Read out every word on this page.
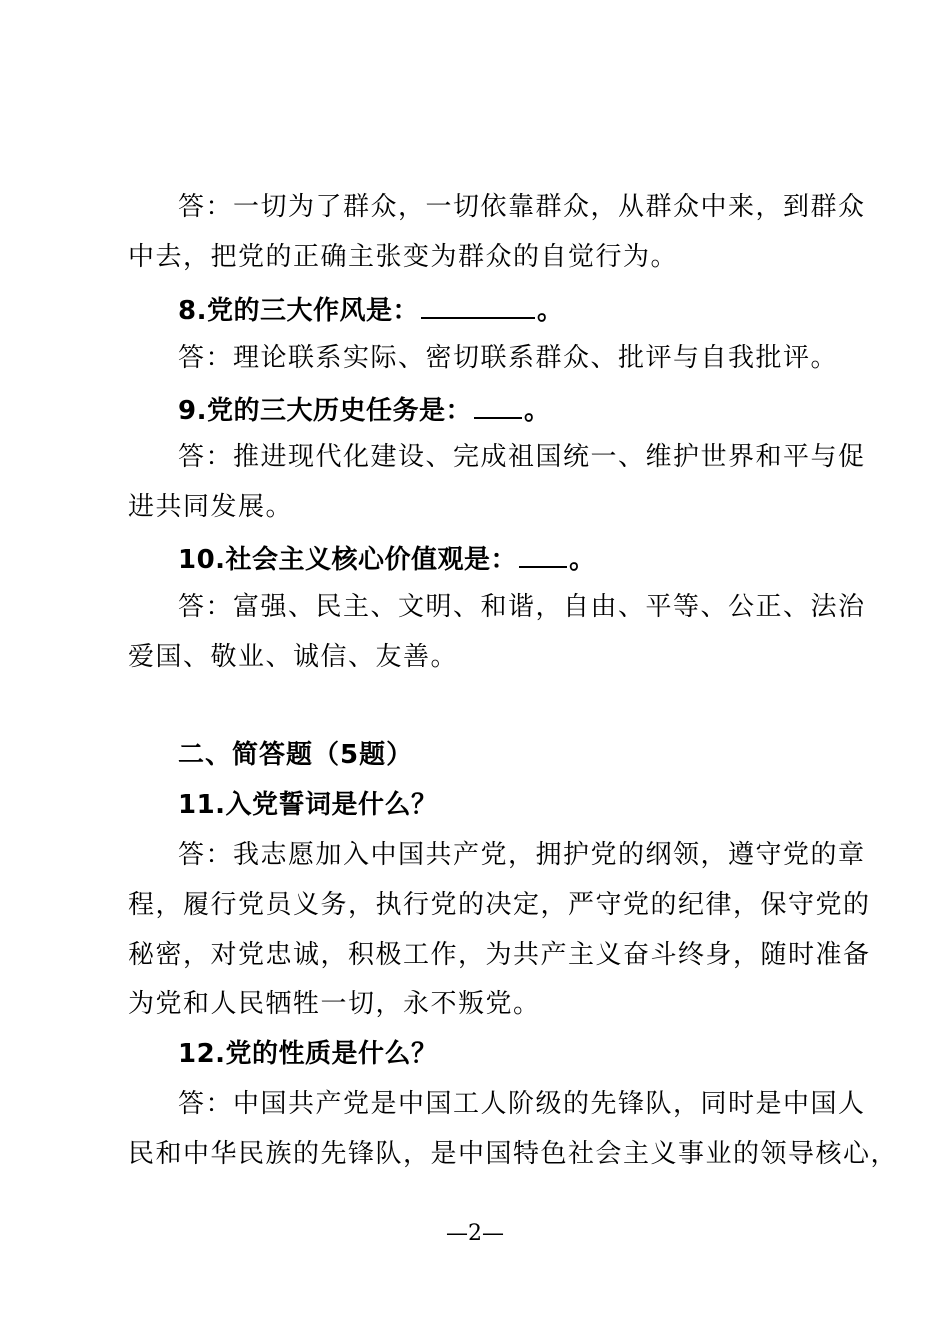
答：一切为了群众，一切依靠群众，从群众中来，到群众
中去，把党的正确主张变为群众的自觉行为。
8.党的三大作风是：	。
答：理论联系实际、密切联系群众、批评与自我批评。
9.党的三大历史任务是： 。
答：推进现代化建设、完成祖国统一、维护世界和平与促
进共同发展。
10.社会主义核心价值观是： 。
答：富强、民主、文明、和谐，自由、平等、公正、法治
爱国、敬业、诚信、友善。
二、简答题（5题）
11.入党誓词是什么？
答：我志愿加入中国共产党，拥护党的纲领，遵守党的章
程，履行党员义务，执行党的决定，严守党的纪律，保守党的
秘密，对党忠诚，积极工作，为共产主义奋斗终身，随时准备
为党和人民牺牲一切，永不叛党。
12.党的性质是什么？
答：中国共产党是中国工人阶级的先锋队，同时是中国人
民和中华民族的先锋队，是中国特色社会主义事业的领导核心，
—2—
